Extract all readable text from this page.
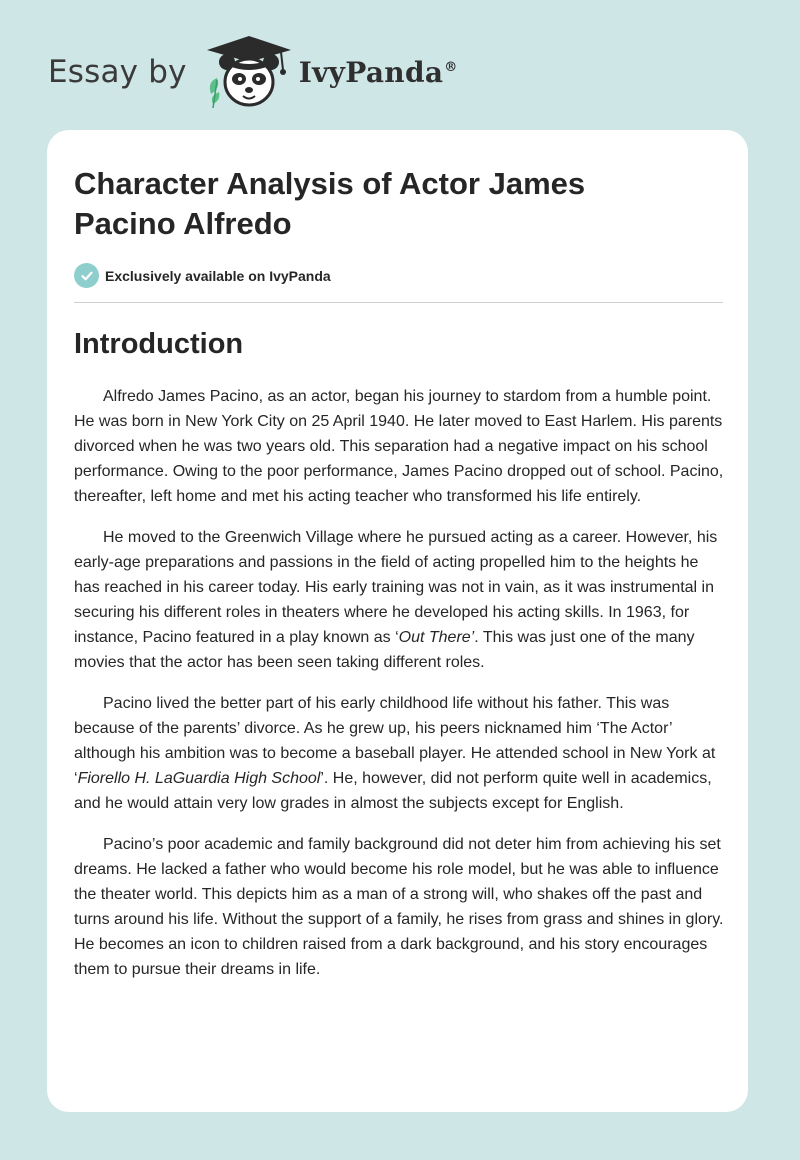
Essay by	IvyPanda®
Character Analysis of Actor James Pacino Alfredo
Exclusively available on IvyPanda
Introduction

Alfredo James Pacino, as an actor, began his journey to stardom from a humble point. He was born in New York City on 25 April 1940. He later moved to East Harlem. His parents divorced when he was two years old. This separation had a negative impact on his school performance. Owing to the poor performance, James Pacino dropped out of school. Pacino, thereafter, left home and met his acting teacher who transformed his life entirely.

He moved to the Greenwich Village where he pursued acting as a career. However, his early-age preparations and passions in the field of acting propelled him to the heights he has reached in his career today. His early training was not in vain, as it was instrumental in securing his different roles in theaters where he developed his acting skills. In 1963, for instance, Pacino featured in a play known as ‘Out There’. This was just one of the many movies that the actor has been seen taking different roles.

Pacino lived the better part of his early childhood life without his father. This was because of the parents’ divorce. As he grew up, his peers nicknamed him ‘The Actor’ although his ambition was to become a baseball player. He attended school in New York at ‘Fiorello H. LaGuardia High School’. He, however, did not perform quite well in academics, and he would attain very low grades in almost the subjects except for English.

Pacino’s poor academic and family background did not deter him from achieving his set dreams. He lacked a father who would become his role model, but he was able to influence the theater world. This depicts him as a man of a strong will, who shakes off the past and turns around his life. Without the support of a family, he rises from grass and shines in glory. He becomes an icon to children raised from a dark background, and his story encourages them to pursue their dreams in life.
